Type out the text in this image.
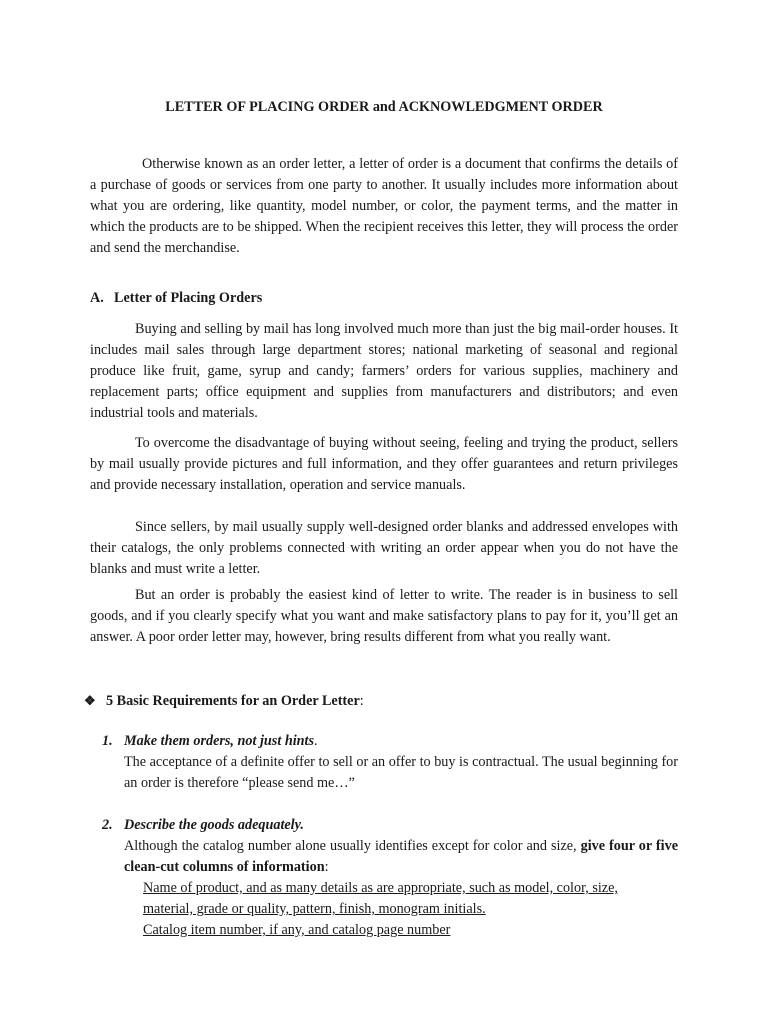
LETTER OF PLACING ORDER and ACKNOWLEDGMENT ORDER

Otherwise known as an order letter, a letter of order is a document that confirms the details of a purchase of goods or services from one party to another. It usually includes more information about what you are ordering, like quantity, model number, or color, the payment terms, and the matter in which the products are to be shipped. When the recipient receives this letter, they will process the order and send the merchandise.

A. Letter of Placing Orders

Buying and selling by mail has long involved much more than just the big mail-order houses. It includes mail sales through large department stores; national marketing of seasonal and regional produce like fruit, game, syrup and candy; farmers’ orders for various supplies, machinery and replacement parts; office equipment and supplies from manufacturers and distributors; and even industrial tools and materials.

To overcome the disadvantage of buying without seeing, feeling and trying the product, sellers by mail usually provide pictures and full information, and they offer guarantees and return privileges and provide necessary installation, operation and service manuals.

Since sellers, by mail usually supply well-designed order blanks and addressed envelopes with their catalogs, the only problems connected with writing an order appear when you do not have the blanks and must write a letter.

But an order is probably the easiest kind of letter to write. The reader is in business to sell goods, and if you clearly specify what you want and make satisfactory plans to pay for it, you’ll get an answer. A poor order letter may, however, bring results different from what you really want.

❖ 5 Basic Requirements for an Order Letter:
1. Make them orders, not just hints.

The acceptance of a definite offer to sell or an offer to buy is contractual. The usual beginning for an order is therefore “please send me…”

2. Describe the goods adequately.

Although the catalog number alone usually identifies except for color and size, give four or five clean-cut columns of information:

Name of product, and as many details as are appropriate, such as model, color, size,
material, grade or quality, pattern, finish, monogram initials.
Catalog item number, if any, and catalog page number
